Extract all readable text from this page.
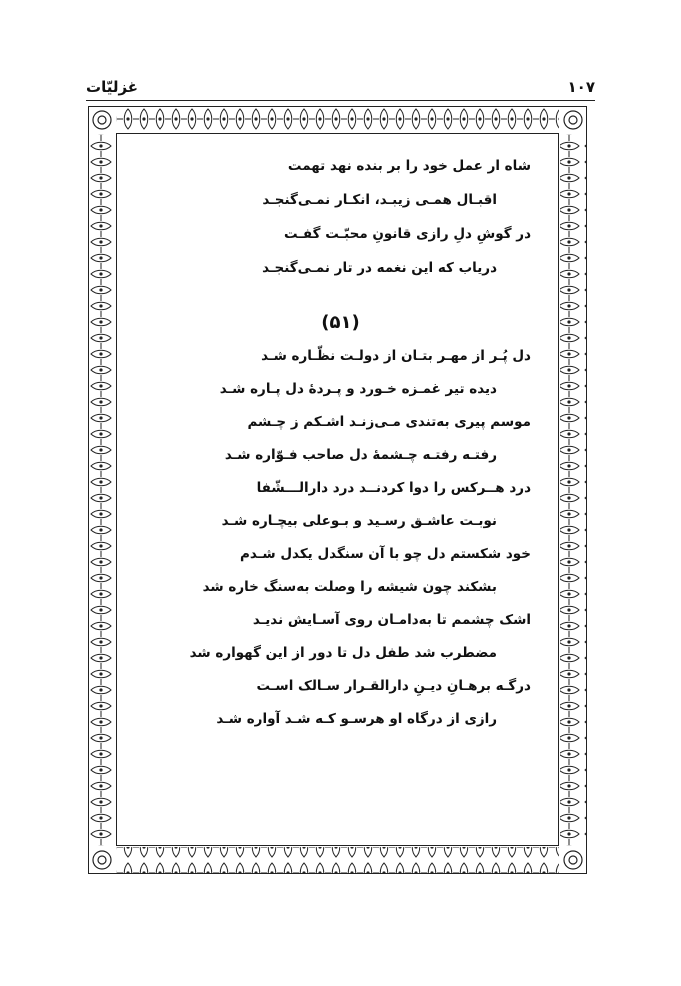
۱۰۷
غزلیّات
شاه ار عمل خود را بر بنده نهد تهمت
اقبـال همـی زیبـد، انکـار نمـی‌گنجـد
در گوشِ دلِ رازی قانونِ محبّـت گفـت
دریاب که این نغمه در تار نمـی‌گنجـد
(۵۱)
دل پُـر از مهـر بتـان از دولـت نظّـاره شـد
دیده تیر غمـزه خـورد و پـردهٔ دل پـاره شـد
موسم پیری به‌تندی مـی‌زنـد اشـکم ز چـشم
رفتـه رفتـه چـشمهٔ دل صاحب فـوّاره شـد
درد هــرکس را دوا کردنــد درد دارالـــشّفا
نوبـت عاشـق رسـید و بـوعلی بیچـاره شـد
خود شکستم دل چو با آن سنگدل یکدل شـدم
بشکند چون شیشه را وصلت به‌سنگ خاره شد
اشک چشمم تا به‌دامـان روی آسـایش ندیـد
مضطرب شد طفل دل تا دور از این گهواره شد
درگـه برهـانِ دیـنِ دارالقـرار سـالک اسـت
رازی از درگاه او هرسـو کـه شـد آواره شـد
